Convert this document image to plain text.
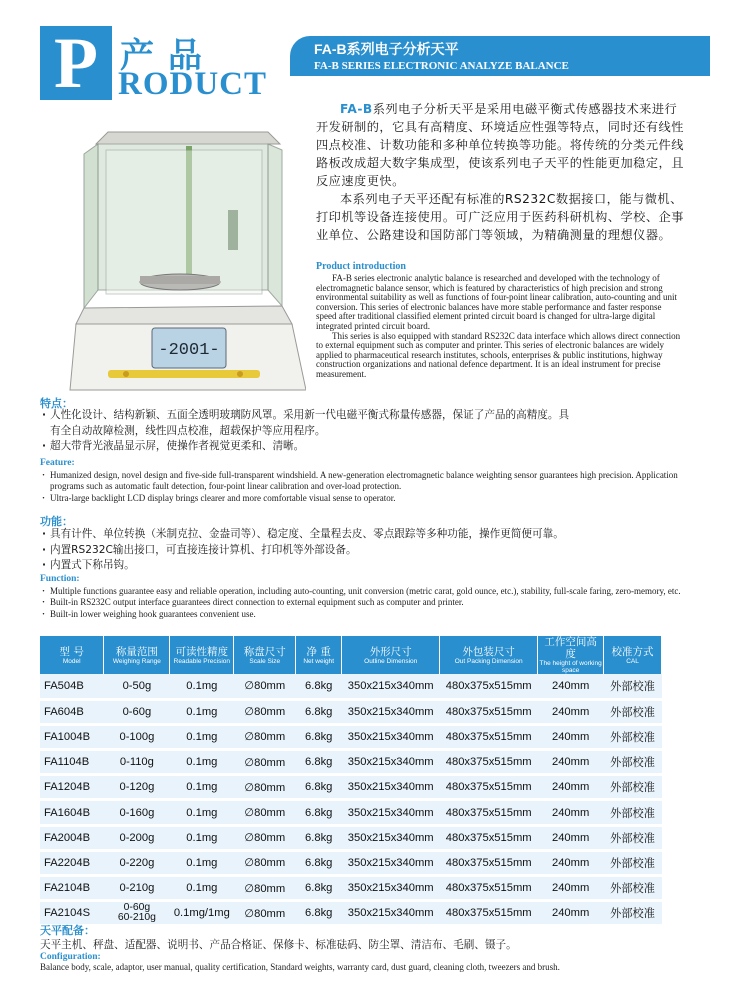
P 产品
RODUCT
FA-B系列电子分析天平
FA-B SERIES ELECTRONIC ANALYZE BALANCE
-2001-

FA-B系列电子分析天平是采用电磁平衡式传感器技术来进行开发研制的，它具有高精度、环境适应性强等特点，同时还有线性四点校准、计数功能和多种单位转换等功能。将传统的分类元件线路板改成超大数字集成型，使该系列电子天平的性能更加稳定，且反应速度更快。

本系列电子天平还配有标准的RS232C数据接口，能与微机、打印机等设备连接使用。可广泛应用于医药科研机构、学校、企事业单位、公路建设和国防部门等领域，为精确测量的理想仪器。

Product introduction

FA-B series electronic analytic balance is researched and developed with the technology of electromagnetic balance sensor, which is featured by characteristics of high precision and strong environmental suitability as well as functions of four-point linear calibration, auto-counting and unit conversion. This series of electronic balances have more stable performance and faster response speed after traditional classified element printed circuit board is changed for ultra-large digital integrated printed circuit board.

This series is also equipped with standard RS232C data interface which allows direct connection to external equipment such as computer and printer. This series of electronic balances are widely applied to pharmaceutical research institutes, schools, enterprises & public institutions, highway construction organizations and national defence department. It is an ideal instrument for precise measurement.

特点：
· 人性化设计、结构新颖、五面全透明玻璃防风罩。采用新一代电磁平衡式称量传感器，保证了产品的高精度。具
有全自动故障检测，线性四点校准，超载保护等应用程序。
· 超大带背光液晶显示屏，使操作者视觉更柔和、清晰。
Feature:
· Humanized design, novel design and five-side full-transparent windshield. A new-generation electromagnetic balance weighting sensor guarantees high precision. Application programs such as automatic fault detection, four-point linear calibration and over-load protection.
· Ultra-large backlight LCD display brings clearer and more comfortable visual sense to operator.
功能：
· 具有计件、单位转换（米制克拉、金盎司等）、稳定度、全量程去皮、零点跟踪等多种功能，操作更简便可靠。
· 内置RS232C输出接口，可直接连接计算机、打印机等外部设备。
· 内置式下称吊钩。
Function:
· Multiple functions guarantee easy and reliable operation, including auto-counting, unit conversion (metric carat, gold ounce, etc.), stability, full-scale faring, zero-memory, etc.
· Built-in RS232C output interface guarantees direct connection to external equipment such as computer and printer.
· Built-in lower weighing hook guarantees convenient use.
型 号
Model	称量范围
Weighing Range	可读性精度
Readable Precision	称盘尺寸
Scale Size	净 重
Net weight	外形尺寸
Outline Dimension	外包装尺寸
Out Packing Dimension	工作空间高度
The height of working space	校准方式
CAL

FA504B	0-50g	0.1mg	∅80mm	6.8kg	350x215x340mm	480x375x515mm	240mm	外部校准
FA604B	0-60g	0.1mg	∅80mm	6.8kg	350x215x340mm	480x375x515mm	240mm	外部校准
FA1004B	0-100g	0.1mg	∅80mm	6.8kg	350x215x340mm	480x375x515mm	240mm	外部校准
FA1104B	0-110g	0.1mg	∅80mm	6.8kg	350x215x340mm	480x375x515mm	240mm	外部校准
FA1204B	0-120g	0.1mg	∅80mm	6.8kg	350x215x340mm	480x375x515mm	240mm	外部校准
FA1604B	0-160g	0.1mg	∅80mm	6.8kg	350x215x340mm	480x375x515mm	240mm	外部校准
FA2004B	0-200g	0.1mg	∅80mm	6.8kg	350x215x340mm	480x375x515mm	240mm	外部校准
FA2204B	0-220g	0.1mg	∅80mm	6.8kg	350x215x340mm	480x375x515mm	240mm	外部校准
FA2104B	0-210g	0.1mg	∅80mm	6.8kg	350x215x340mm	480x375x515mm	240mm	外部校准
FA2104S	0-60g
60-210g	0.1mg/1mg	∅80mm	6.8kg	350x215x340mm	480x375x515mm	240mm	外部校准
天平配备：
天平主机、秤盘、适配器、说明书、产品合格证、保修卡、标准砝码、防尘罩、清洁布、毛刷、镊子。
Configuration:
Balance body, scale, adaptor, user manual, quality certification, Standard weights, warranty card, dust guard, cleaning cloth, tweezers and brush.
